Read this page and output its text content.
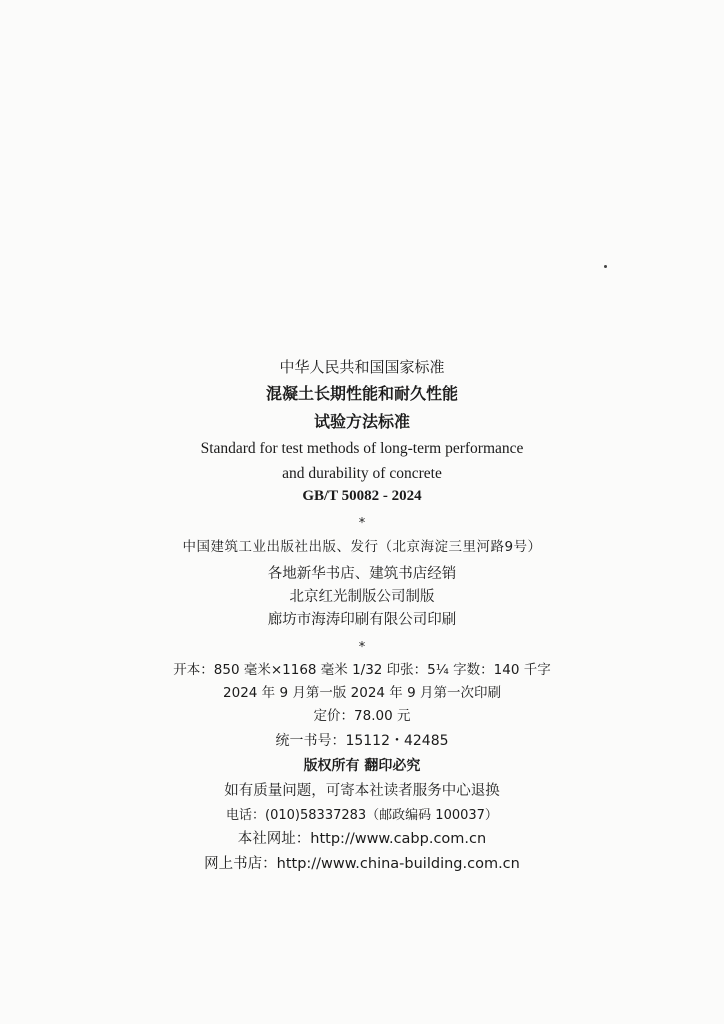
中华人民共和国国家标准
混凝土长期性能和耐久性能
试验方法标准
Standard for test methods of long-term performance
and durability of concrete
GB/T 50082 - 2024
*
中国建筑工业出版社出版、发行（北京海淀三里河路9号）
各地新华书店、建筑书店经销
北京红光制版公司制版
廊坊市海涛印刷有限公司印刷
*
开本：850 毫米×1168 毫米 1/32 印张：5¼ 字数：140 千字
2024 年 9 月第一版 2024 年 9 月第一次印刷
定价：78.00 元
统一书号：15112・42485
版权所有 翻印必究
如有质量问题，可寄本社读者服务中心退换
电话：(010)58337283（邮政编码 100037）
本社网址：http://www.cabp.com.cn
网上书店：http://www.china-building.com.cn
